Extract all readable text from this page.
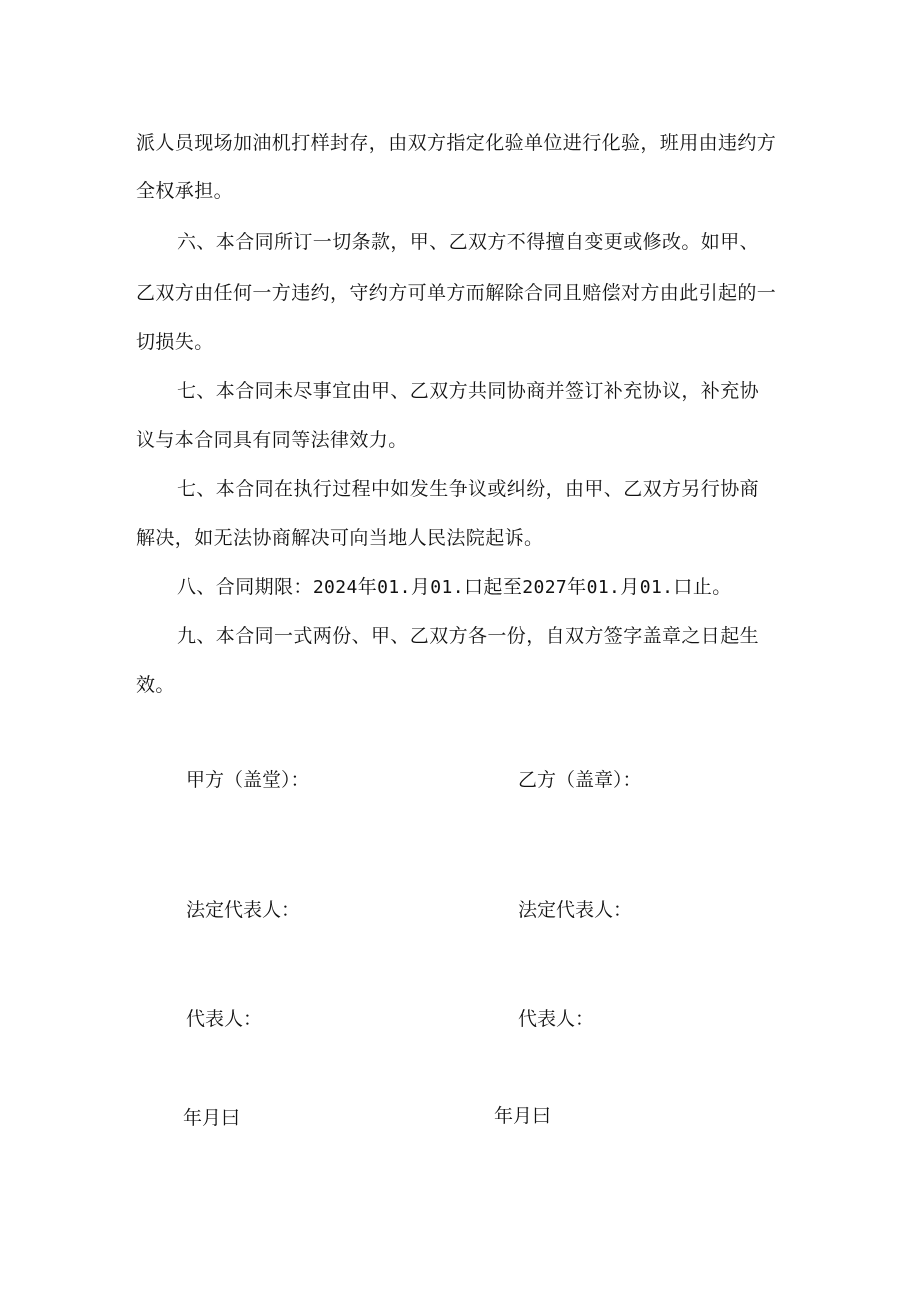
派人员现场加油机打样封存，由双方指定化验单位进行化验，班用由违约方

全权承担。

六、本合同所订一切条款，甲、乙双方不得擅自变更或修改。如甲、

乙双方由任何一方违约，守约方可单方而解除合同且赔偿对方由此引起的一

切损失。

七、本合同未尽事宜由甲、乙双方共同协商并签订补充协议，补充协

议与本合同具有同等法律效力。

七、本合同在执行过程中如发生争议或纠纷，由甲、乙双方另行协商

解决，如无法协商解决可向当地人民法院起诉。

八、合同期限：2024年01.月01.口起至2027年01.月01.口止。

九、本合同一式两份、甲、乙双方各一份，自双方签字盖章之日起生

效。

甲方（盖堂）：

法定代表人：

代表人：

年月曰

乙方（盖章）：

法定代表人：

代表人：

年月曰
